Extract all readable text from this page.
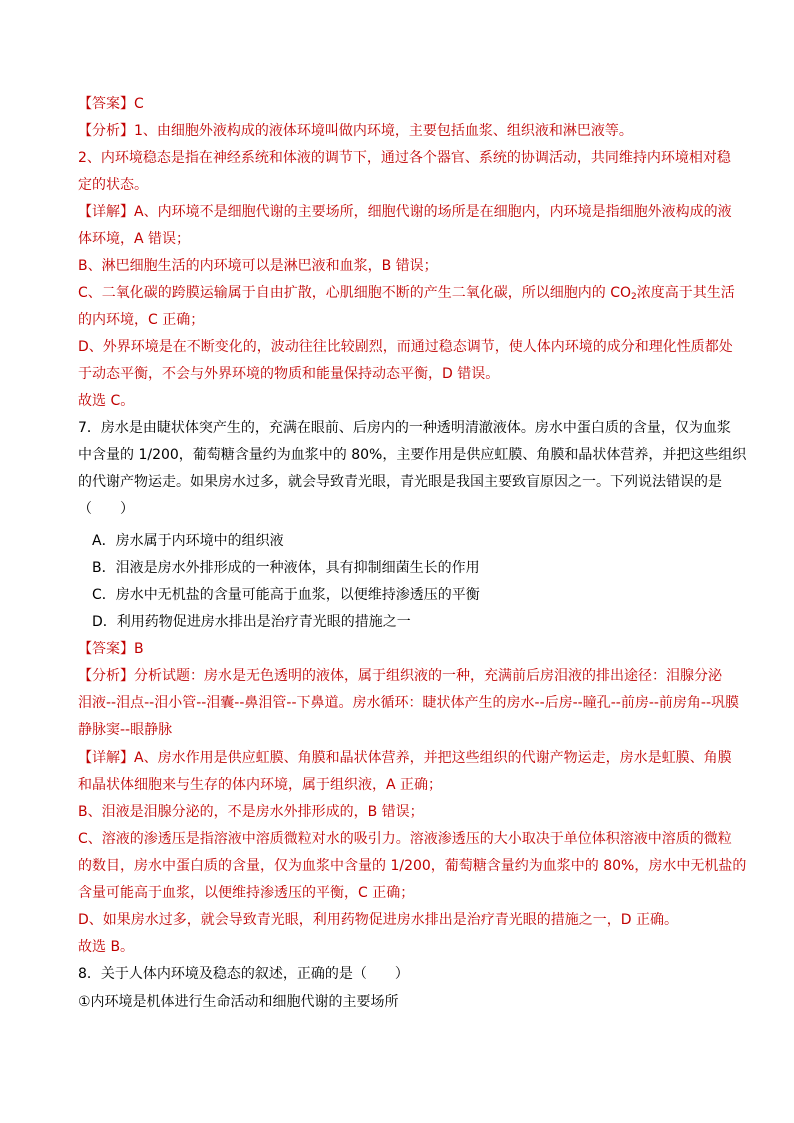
【答案】C
【分析】1、由细胞外液构成的液体环境叫做内环境，主要包括血浆、组织液和淋巴液等。
2、内环境稳态是指在神经系统和体液的调节下，通过各个器官、系统的协调活动，共同维持内环境相对稳
定的状态。
【详解】A、内环境不是细胞代谢的主要场所，细胞代谢的场所是在细胞内，内环境是指细胞外液构成的液
体环境，A 错误；
B、淋巴细胞生活的内环境可以是淋巴液和血浆，B 错误；
C、二氧化碳的跨膜运输属于自由扩散，心肌细胞不断的产生二氧化碳，所以细胞内的 $CO_2$浓度高于其生活
的内环境，C 正确；
D、外界环境是在不断变化的，波动往往比较剧烈，而通过稳态调节，使人体内环境的成分和理化性质都处
于动态平衡，不会与外界环境的物质和能量保持动态平衡，D 错误。
故选 C。
7．房水是由睫状体突产生的，充满在眼前、后房内的一种透明清澈液体。房水中蛋白质的含量，仅为血浆
中含量的 1/200，葡萄糖含量约为血浆中的 80%，主要作用是供应虹膜、角膜和晶状体营养，并把这些组织
的代谢产物运走。如果房水过多，就会导致青光眼，青光眼是我国主要致盲原因之一。下列说法错误的是
（　　）
A．房水属于内环境中的组织液
B．泪液是房水外排形成的一种液体，具有抑制细菌生长的作用
C．房水中无机盐的含量可能高于血浆，以便维持渗透压的平衡
D．利用药物促进房水排出是治疗青光眼的措施之一
【答案】B
【分析】分析试题：房水是无色透明的液体，属于组织液的一种，充满前后房泪液的排出途径：泪腺分泌
泪液--泪点--泪小管--泪囊--鼻泪管--下鼻道。房水循环：睫状体产生的房水--后房--瞳孔--前房--前房角--巩膜
静脉窦--眼静脉
【详解】A、房水作用是供应虹膜、角膜和晶状体营养，并把这些组织的代谢产物运走，房水是虹膜、角膜
和晶状体细胞来与生存的体内环境，属于组织液，A 正确；
B、泪液是泪腺分泌的，不是房水外排形成的，B 错误；
C、溶液的渗透压是指溶液中溶质微粒对水的吸引力。溶液渗透压的大小取决于单位体积溶液中溶质的微粒
的数目，房水中蛋白质的含量，仅为血浆中含量的 1/200，葡萄糖含量约为血浆中的 80%，房水中无机盐的
含量可能高于血浆，以便维持渗透压的平衡，C 正确；
D、如果房水过多，就会导致青光眼，利用药物促进房水排出是治疗青光眼的措施之一，D 正确。
故选 B。
8．关于人体内环境及稳态的叙述，正确的是（　　）
①内环境是机体进行生命活动和细胞代谢的主要场所
